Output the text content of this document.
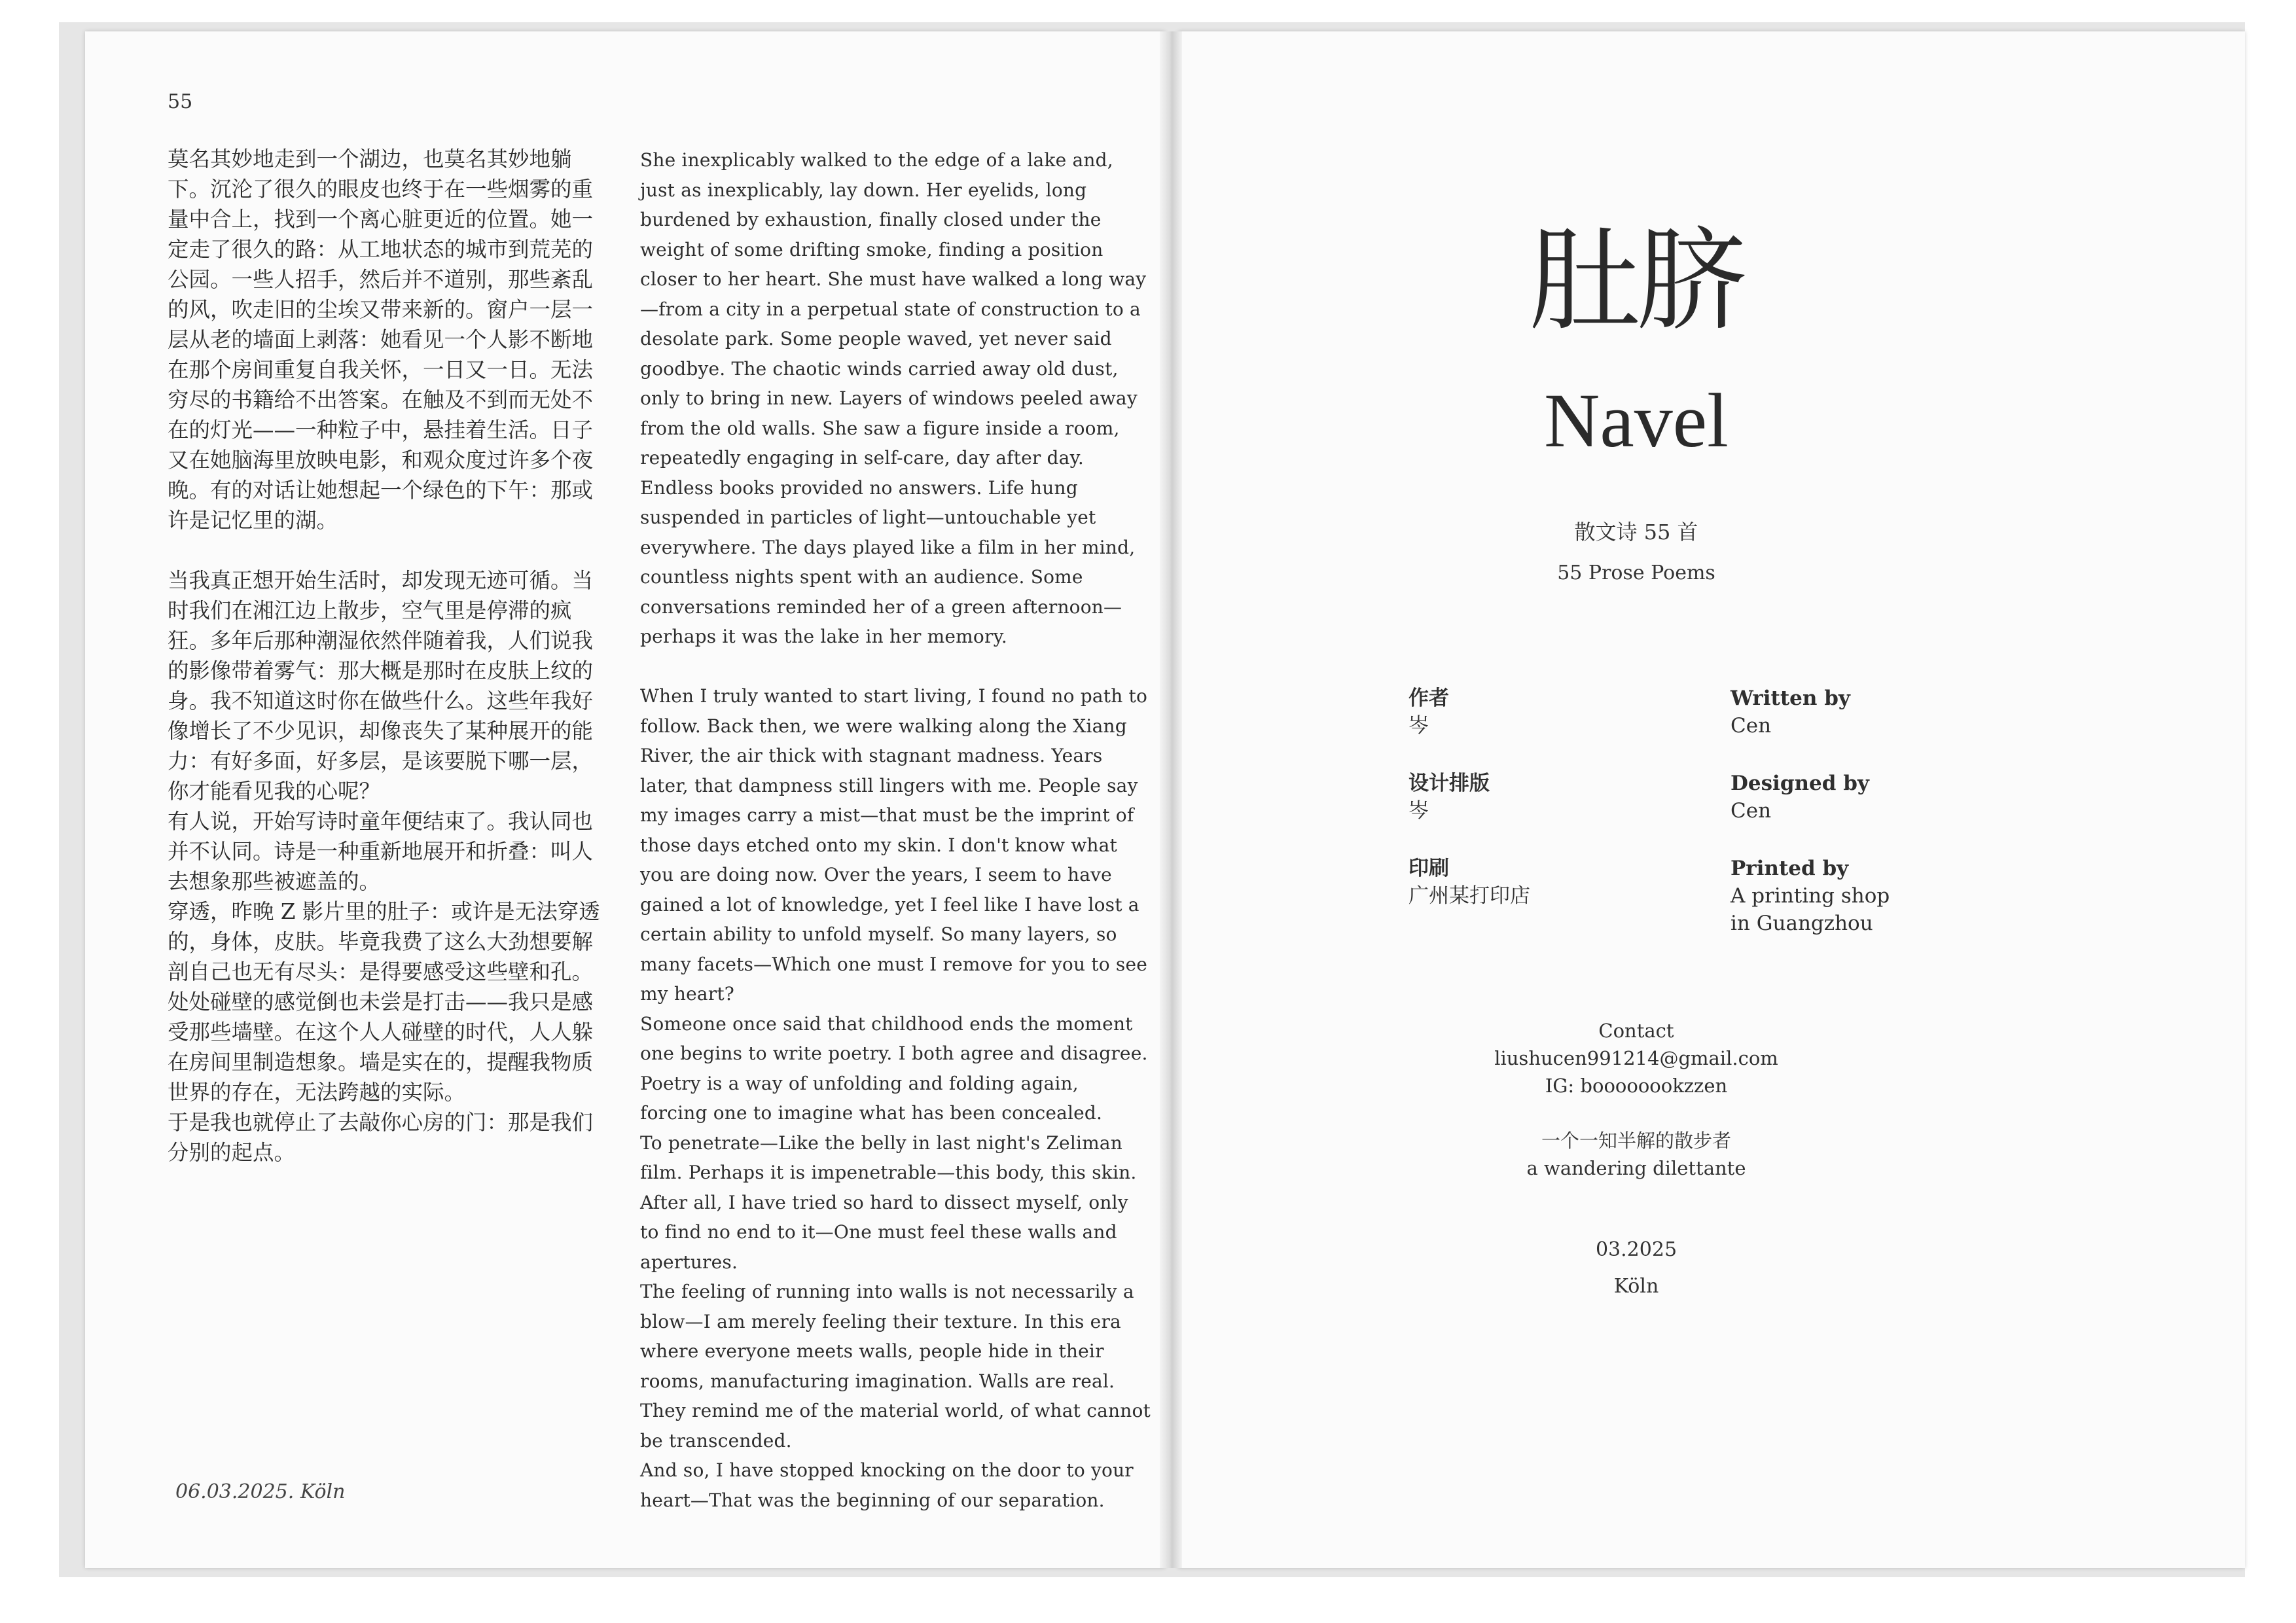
55

莫名其妙地走到一个湖边，也莫名其妙地躺下。沉沦了很久的眼皮也终于在一些烟雾的重量中合上，找到一个离心脏更近的位置。她一定走了很久的路：从工地状态的城市到荒芜的公园。一些人招手，然后并不道别，那些紊乱的风，吹走旧的尘埃又带来新的。窗户一层一层从老的墙面上剥落：她看见一个人影不断地在那个房间重复自我关怀，一日又一日。无法穷尽的书籍给不出答案。在触及不到而无处不在的灯光——一种粒子中，悬挂着生活。日子又在她脑海里放映电影，和观众度过许多个夜晚。有的对话让她想起一个绿色的下午：那或许是记忆里的湖。

当我真正想开始生活时，却发现无迹可循。当时我们在湘江边上散步，空气里是停滞的疯狂。多年后那种潮湿依然伴随着我，人们说我的影像带着雾气：那大概是那时在皮肤上纹的身。我不知道这时你在做些什么。这些年我好像增长了不少见识，却像丧失了某种展开的能力：有好多面，好多层，是该要脱下哪一层，你才能看见我的心呢？

有人说，开始写诗时童年便结束了。我认同也并不认同。诗是一种重新地展开和折叠：叫人去想象那些被遮盖的。

穿透，昨晚 Z 影片里的肚子：或许是无法穿透的，身体，皮肤。毕竟我费了这么大劲想要解剖自己也无有尽头：是得要感受这些壁和孔。

处处碰壁的感觉倒也未尝是打击——我只是感受那些墙壁。在这个人人碰壁的时代，人人躲在房间里制造想象。墙是实在的，提醒我物质世界的存在，无法跨越的实际。

于是我也就停止了去敲你心房的门：那是我们分别的起点。

She inexplicably walked to the edge of a lake and, just as inexplicably, lay down. Her eyelids, long burdened by exhaustion, finally closed under the weight of some drifting smoke, finding a position closer to her heart. She must have walked a long way—from a city in a perpetual state of construction to a desolate park. Some people waved, yet never said goodbye. The chaotic winds carried away old dust, only to bring in new. Layers of windows peeled away from the old walls. She saw a figure inside a room, repeatedly engaging in self-care, day after day. Endless books provided no answers. Life hung suspended in particles of light—untouchable yet everywhere. The days played like a film in her mind, countless nights spent with an audience. Some conversations reminded her of a green afternoon—perhaps it was the lake in her memory.

When I truly wanted to start living, I found no path to follow. Back then, we were walking along the Xiang River, the air thick with stagnant madness. Years later, that dampness still lingers with me. People say my images carry a mist—that must be the imprint of those days etched onto my skin. I don't know what you are doing now. Over the years, I seem to have gained a lot of knowledge, yet I feel like I have lost a certain ability to unfold myself. So many layers, so many facets—Which one must I remove for you to see my heart?

Someone once said that childhood ends the moment one begins to write poetry. I both agree and disagree. Poetry is a way of unfolding and folding again, forcing one to imagine what has been concealed.

To penetrate—Like the belly in last night's Zeliman film. Perhaps it is impenetrable—this body, this skin. After all, I have tried so hard to dissect myself, only to find no end to it—One must feel these walls and apertures.

The feeling of running into walls is not necessarily a blow—I am merely feeling their texture. In this era where everyone meets walls, people hide in their rooms, manufacturing imagination. Walls are real. They remind me of the material world, of what cannot be transcended.

And so, I have stopped knocking on the door to your heart—That was the beginning of our separation.

06.03.2025. Köln
肚脐
Navel
散文诗 55 首
55 Prose Poems
作者
岑
Written by
Cen
设计排版
岑
Designed by
Cen
印刷
广州某打印店
Printed by
A printing shop
in Guangzhou
Contact
liushucen991214@gmail.com
IG: boooooookzzen
一个一知半解的散步者
a wandering dilettante
03.2025
Köln
